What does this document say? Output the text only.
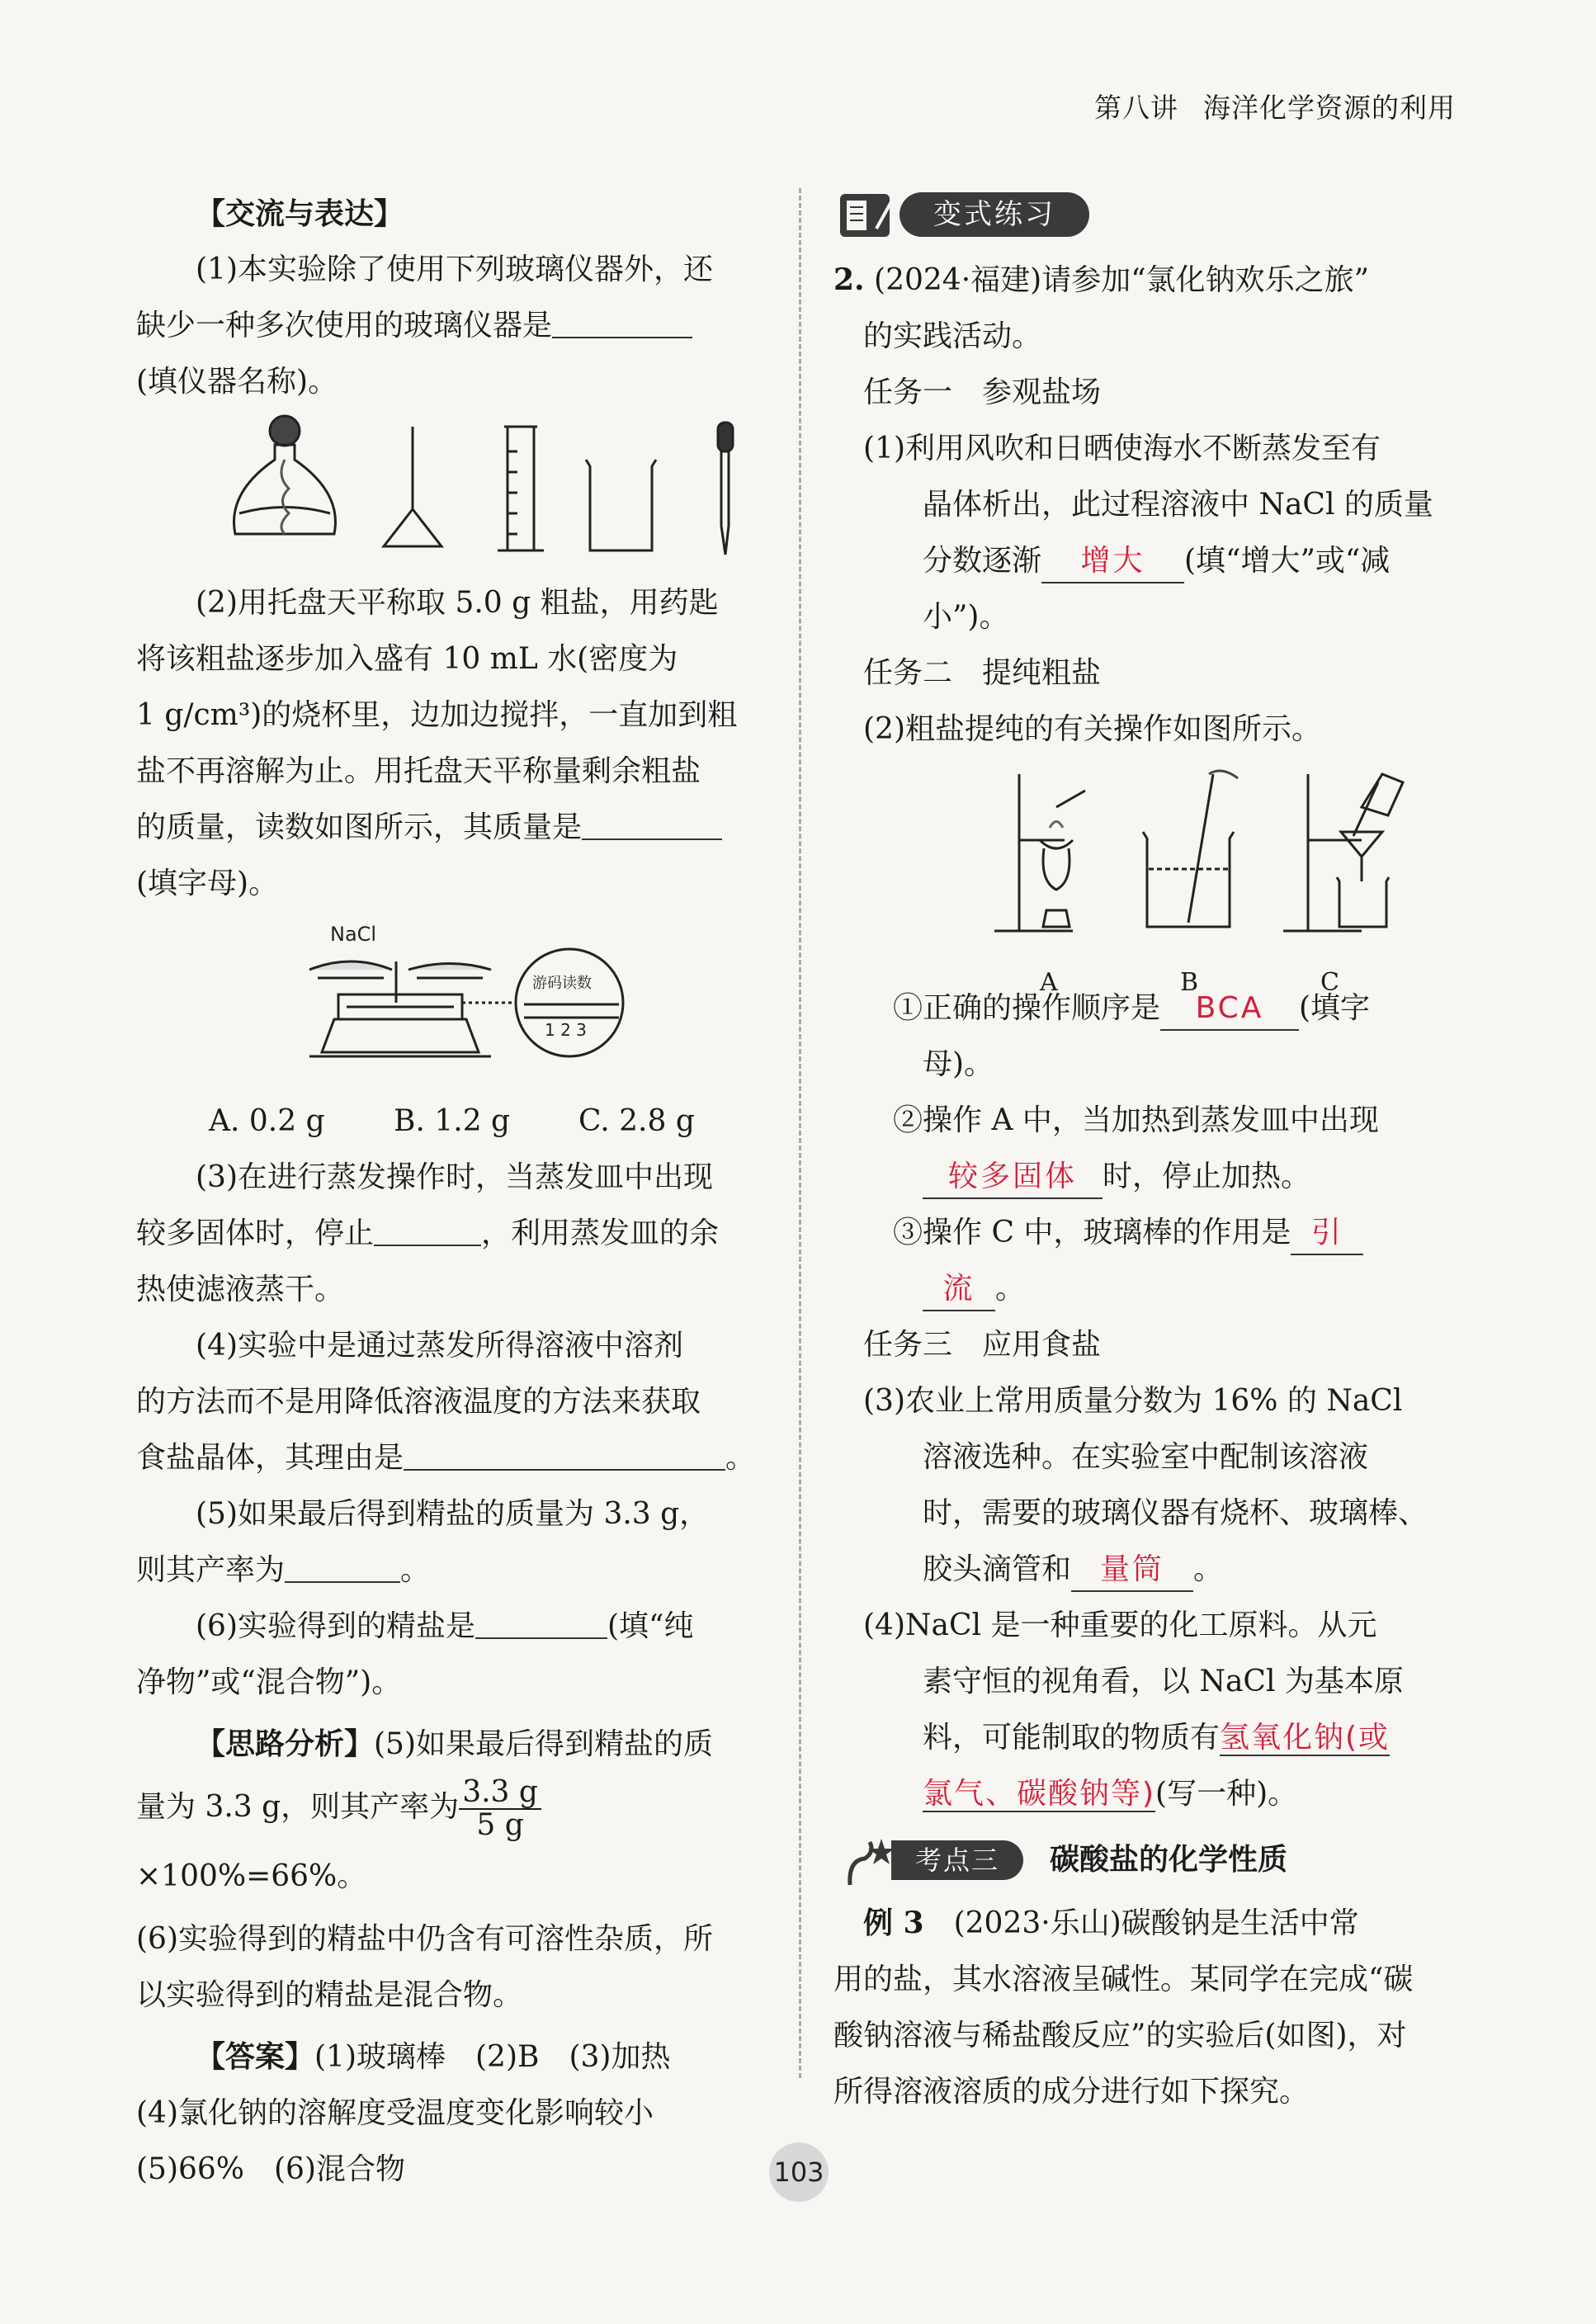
第八讲 海洋化学资源的利用

【交流与表达】

(1)本实验除了使用下列玻璃仪器外，还

缺少一种多次使用的玻璃仪器是

(填仪器名称)。

(2)用托盘天平称取 5.0 g 粗盐，用药匙

将该粗盐逐步加入盛有 10 mL 水(密度为

1 g/cm³)的烧杯里，边加边搅拌，一直加到粗

盐不再溶解为止。用托盘天平称量剩余粗盐

的质量，读数如图所示，其质量是

(填字母)。

NaCl
游码读数
1 2 3

A. 0.2 g	B. 1.2 g	C. 2.8 g

(3)在进行蒸发操作时，当蒸发皿中出现

较多固体时，停止	，利用蒸发皿的余

热使滤液蒸干。

(4)实验中是通过蒸发所得溶液中溶剂

的方法而不是用降低溶液温度的方法来获取

食盐晶体，其理由是	。

(5)如果最后得到精盐的质量为 3.3 g，

则其产率为	。

(6)实验得到的精盐是	(填“纯

净物”或“混合物”)。

【思路分析】(5)如果最后得到精盐的质

量为 3.3 g，则其产率为 $\frac{3.3 g}{5 g}$
×100%=66%。

(6)实验得到的精盐中仍含有可溶性杂质，所

以实验得到的精盐是混合物。

【答案】(1)玻璃棒　(2)B　(3)加热

(4)氯化钠的溶解度受温度变化影响较小

(5)66%　(6)混合物

变式练习

2. (2024·福建)请参加“氯化钠欢乐之旅”

的实践活动。

任务一　参观盐场

(1)利用风吹和日晒使海水不断蒸发至有

晶体析出，此过程溶液中 NaCl 的质量

分数逐渐 增大 (填“增大”或“减

小”)。

任务二　提纯粗盐

(2)粗盐提纯的有关操作如图所示。

A	B	C

①正确的操作顺序是 BCA (填字

母)。

②操作 A 中，当加热到蒸发皿中出现

较多固体 时，停止加热。

③操作 C 中，玻璃棒的作用是 引

流 。

任务三　应用食盐

(3)农业上常用质量分数为 16% 的 NaCl

溶液选种。在实验室中配制该溶液

时，需要的玻璃仪器有烧杯、玻璃棒、

胶头滴管和 量筒 。

(4)NaCl 是一种重要的化工原料。从元

素守恒的视角看，以 NaCl 为基本原

料，可能制取的物质有氢氧化钠(或

氯气、碳酸钠等)(写一种)。

考点三	碳酸盐的化学性质

例 3　 (2023·乐山)碳酸钠是生活中常

用的盐，其水溶液呈碱性。某同学在完成“碳

酸钠溶液与稀盐酸反应”的实验后(如图)，对

所得溶液溶质的成分进行如下探究。

103
